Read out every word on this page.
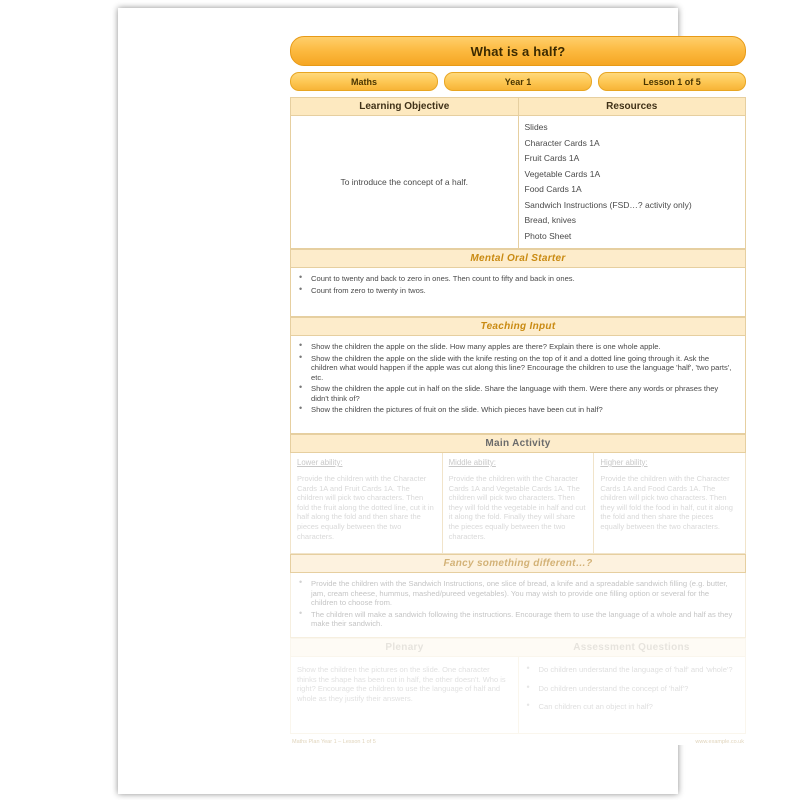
What is a half?
Maths	Year 1	Lesson 1 of 5
Learning Objective	Resources
To introduce the concept of a half.	
Slides
Character Cards 1A
Fruit Cards 1A
Vegetable Cards 1A
Food Cards 1A
Sandwich Instructions (FSD…? activity only)
Bread, knives
Photo Sheet
Mental Oral Starter
• Count to twenty and back to zero in ones. Then count to fifty and back in ones.
• Count from zero to twenty in twos.
Teaching Input
• Show the children the apple on the slide. How many apples are there? Explain there is one whole apple.
• Show the children the apple on the slide with the knife resting on the top of it and a dotted line going through it. Ask the children what would happen if the apple was cut along this line? Encourage the children to use the language 'half', 'two parts', etc.
• Show the children the apple cut in half on the slide. Share the language with them. Were there any words or phrases they didn't think of?
• Show the children the pictures of fruit on the slide. Which pieces have been cut in half?
Main Activity
Lower ability:
Provide the children with the Character Cards 1A and Fruit Cards 1A. The children will pick two characters. Then fold the fruit along the dotted line, cut it in half along the fold and then share the pieces equally between the two characters.
Middle ability:
Provide the children with the Character Cards 1A and Vegetable Cards 1A. The children will pick two characters. Then they will fold the vegetable in half and cut it along the fold. Finally they will share the pieces equally between the two characters.
Higher ability:
Provide the children with the Character Cards 1A and Food Cards 1A. The children will pick two characters. Then they will fold the food in half, cut it along the fold and then share the pieces equally between the two characters.
Fancy something different…?
• Provide the children with the Sandwich Instructions, one slice of bread, a knife and a spreadable sandwich filling (e.g. butter, jam, cream cheese, hummus, mashed/pureed vegetables). You may wish to provide one filling option or several for the children to choose from.
• The children will make a sandwich following the instructions. Encourage them to use the language of a whole and half as they make their sandwich.
Plenary	Assessment Questions
Show the children the pictures on the slide. One character thinks the shape has been cut in half, the other doesn't. Who is right? Encourage the children to use the language of half and whole as they justify their answers.
• Do children understand the language of 'half' and 'whole'?
• Do children understand the concept of 'half'?
• Can children cut an object in half?
Maths Plan Year 1 – Lesson 1 of 5	www.example.co.uk
